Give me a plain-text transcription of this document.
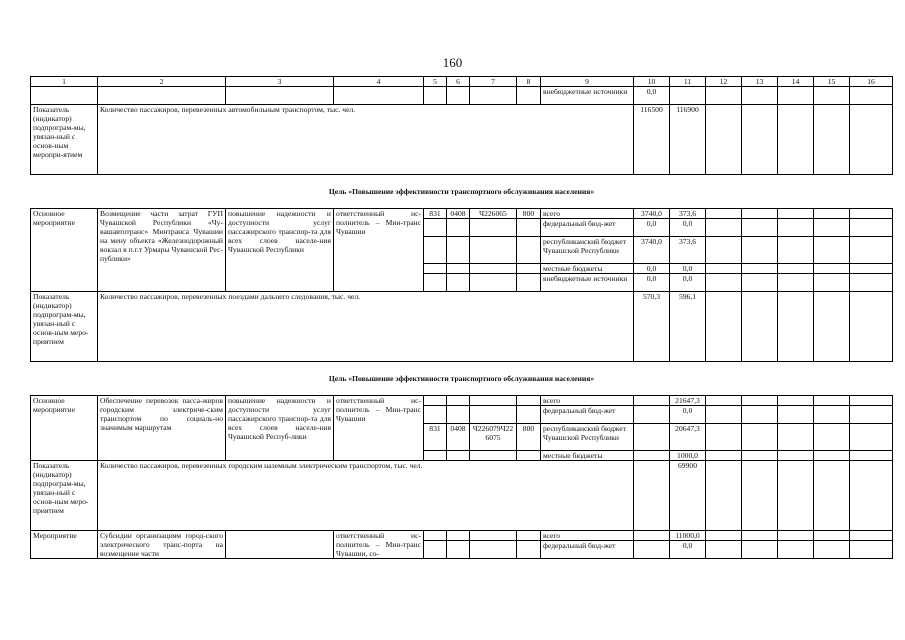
160
1	2	3	4	5	6	7	8	9	10	11	12	13	14	15	16
								внебюджетные источники	0,0						
Показатель (индикатор) подпрограм-мы, увязан-ный с основ-ным меропри-ятием	Количество пассажиров, перевезенных автомобильным транспортом, тыс. чел.								116500	116900					
Цель «Повышение эффективности транспортного обслуживания населения»															
Основное мероприятие	Возмещение части затрат ГУП Чувашской Республики «Чу-вашавтотранс» Минтранса Чувашии на мену объекта «Железнодорожный вокзал в п.г.т Урмары Чувашской Рес-публики»	повышение надежности и доступности услуг пассажирского транспор-та для всех слоев населе-ния Чувашской Республики	ответственный ис-полнитель – Мин-транс Чувашии	831	0408	Ч226065	800	всего	3740,0	373,6					
								федеральный бюд-жет	0,0	0,0					
								республиканский бюджет Чувашской Республики	3740,0	373,6					
								местные бюджеты	0,0	0,0					
								внебюджетные источники	0,0	0,0					
Показатель (индикатор) подпрограм-мы, увязан-ный с основ-ным меро-приятием	Количество пассажиров, перевезенных поездами дальнего следования, тыс. чел.								570,3	596,1					
Цель «Повышение эффективности транспортного обслуживания населения»															
Основное мероприятие	Обеспечение перевозок пасса-жиров городским электриче-ским транспортом по социаль-но значимым маршрутам	повышение надежности и доступности услуг пассажирского транспор-та для всех слоев населе-ния Чувашской Респуб-лики	ответственный ис-полнитель – Мин-транс Чувашии					всего		21647,3					
								федеральный бюд-жет		0,0					
				831	0408	Ч226079Ч22 6075	800	республиканский бюджет Чувашской Республики		20647,3					
								местные бюджеты		1000,0					
Показатель (индикатор) подпрограм-мы, увязан-ный с основ-ным меро-приятием	Количество пассажиров, перевезенных городским наземным электрическим транспортом, тыс. чел.									69900					
Мероприятие	Субсидии организациям город-ского электрического транс-порта на возмещение части		ответственный ис-полнитель – Мин-транс Чувашии, со-					всего		11000,0					
								федеральный бюд-жет		0,0					
